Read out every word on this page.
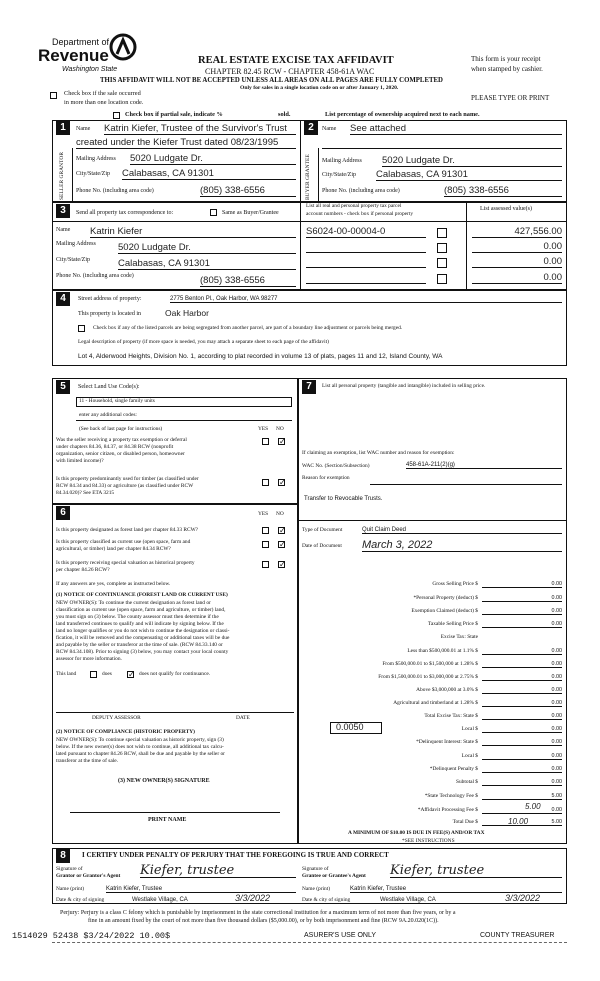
Department of
Revenue
Washington State
REAL ESTATE EXCISE TAX AFFIDAVIT
CHAPTER 82.45 RCW - CHAPTER 458-61A WAC
THIS AFFIDAVIT WILL NOT BE ACCEPTED UNLESS ALL AREAS ON ALL PAGES ARE FULLY COMPLETED
Only for sales in a single location code on or after January 1, 2020.
This form is your receipt
when stamped by cashier.
PLEASE TYPE OR PRINT
Check box if the sale occurred
in more than one location code.
Check box if partial sale, indicate %	sold.	List percentage of ownership acquired next to each name.
1	2
SELLER GRANTOR	BUYER GRANTEE
Name Katrin Kiefer, Trustee of the Survivor's Trust
created under the Kiefer Trust dated 08/23/1995
Mailing Address 5020 Ludgate Dr.
City/State/Zip Calabasas, CA 91301
Phone No. (including area code)	(805) 338-6556
Name See attached
Mailing Address 5020 Ludgate Dr.
City/State/Zip Calabasas, CA 91301
Phone No. (including area code)	(805) 338-6556
3	Send all property tax correspondence to:	Same as Buyer/Grantee
List all real and personal property tax parcel
account numbers - check box if personal property
List assessed value(s)
Name Katrin Kiefer
Mailing Address 5020 Ludgate Dr.
City/State/Zip	Calabasas, CA 91301
Phone No. (including area code)	(805) 338-6556
S6024-00-00004-0	427,556.00
0.00
0.00
0.00
4	Street address of property:	2775 Benton Pl., Oak Harbor, WA 98277
This property is located in	Oak Harbor
Check box if any of the listed parcels are being segregated from another parcel, are part of a boundary line adjustment or parcels being merged.
Legal description of property (if more space is needed, you may attach a separate sheet to each page of the affidavit)
Lot 4, Alderwood Heights, Division No. 1, according to plat recorded in volume 13 of plats, pages 11 and 12, Island County, WA
5	Select Land Use Code(s):
11 - Household, single family units
enter any additional codes:
(See back of last page for instructions)	YES NO
Was the seller receiving a property tax exemption or deferral
under chapters 84.36, 84.37, or 84.38 RCW (nonprofit
organization, senior citizen, or disabled person, homeowner
with limited income)?
✓
Is this property predominantly used for timber (as classified under
RCW 84.34 and 84.33) or agriculture (as classified under RCW
84.34.020)? See ETA 3215
✓
6	YES NO
Is this property designated as forest land per chapter 84.33 RCW?
✓
Is this property classified as current use (open space, farm and
agricultural, or timber) land per chapter 84.34 RCW?
✓
Is this property receiving special valuation as historical property
per chapter 84.26 RCW?
✓
If any answers are yes, complete as instructed below.
(1) NOTICE OF CONTINUANCE (FOREST LAND OR CURRENT USE)
NEW OWNER(S): To continue the current designation as forest land or
classification as current use (open space, farm and agriculture, or timber) land,
you must sign on (3) below. The county assessor must then determine if the
land transferred continues to qualify and will indicate by signing below. If the
land no longer qualifies or you do not wish to continue the designation or classi-
fication, it will be removed and the compensating or additional taxes will be due
and payable by the seller or transferor at the time of sale. (RCW 84.33.140 or
RCW 84.34.108). Prior to signing (3) below, you may contact your local county
assessor for more information.
This land	does
✓	does not qualify for continuance.
DEPUTY ASSESSOR	DATE
(2) NOTICE OF COMPLIANCE (HISTORIC PROPERTY)
NEW OWNER(S): To continue special valuation as historic property, sign (3)
below. If the new owner(s) does not wish to continue, all additional tax calcu-
lated pursuant to chapter 84.26 RCW, shall be due and payable by the seller or
transferor at the time of sale.
(3) NEW OWNER(S) SIGNATURE
PRINT NAME
7	List all personal property (tangible and intangible) included in selling price.
If claiming an exemption, list WAC number and reason for exemption:
WAC No. (Section/Subsection)	458-61A-211(2)(g)
Reason for exemption
Transfer to Revocable Trusts.
Type of Document	Quit Claim Deed
Date of Document March 3, 2022
Gross Selling Price $	0.00
*Personal Property (deduct) $	0.00
Exemption Claimed (deduct) $	0.00
Taxable Selling Price $	0.00
Excise Tax: State
Less than $500,000.01 at 1.1% $	0.00
From $500,000.01 to $1,500,000 at 1.28% $	0.00
From $1,500,000.01 to $3,000,000 at 2.75% $	0.00
Above $3,000,000 at 3.0% $	0.00
Agricultural and timberland at 1.28% $	0.00
Total Excise Tax: State $	0.00
Local $	0.00
*Delinquent Interest: State $	0.00
Local $	0.00
*Delinquent Penalty $	0.00
Subtotal $	0.00
*State Technology Fee $	5.00
*Affidavit Processing Fee $	0.00
Total Due $	5.00
0.0050
5.00
10.00
A MINIMUM OF $10.00 IS DUE IN FEE(S) AND/OR TAX
*SEE INSTRUCTIONS
8	I CERTIFY UNDER PENALTY OF PERJURY THAT THE FOREGOING IS TRUE AND CORRECT
Signature of
Grantor or Grantor's Agent Kiefer, trustee	Signature of
Grantee or Grantee's Agent Kiefer, trustee
Name (print)	Katrin Kiefer, Trustee	Name (print)	Katrin Kiefer, Trustee
Date & city of signing	Westlake Village, CA	3/3/2022	Date & city of signing	Westlake Village, CA	3/3/2022
Perjury: Perjury is a class C felony which is punishable by imprisonment in the state correctional institution for a maximum term of not more than five years, or by a
fine in an amount fixed by the court of not more than five thousand dollars ($5,000.00), or by both imprisonment and fine (RCW 9A.20.020(1C)).
1514029 52438 $3/24/2022 10.00$	ASURER'S USE ONLY	COUNTY TREASURER
